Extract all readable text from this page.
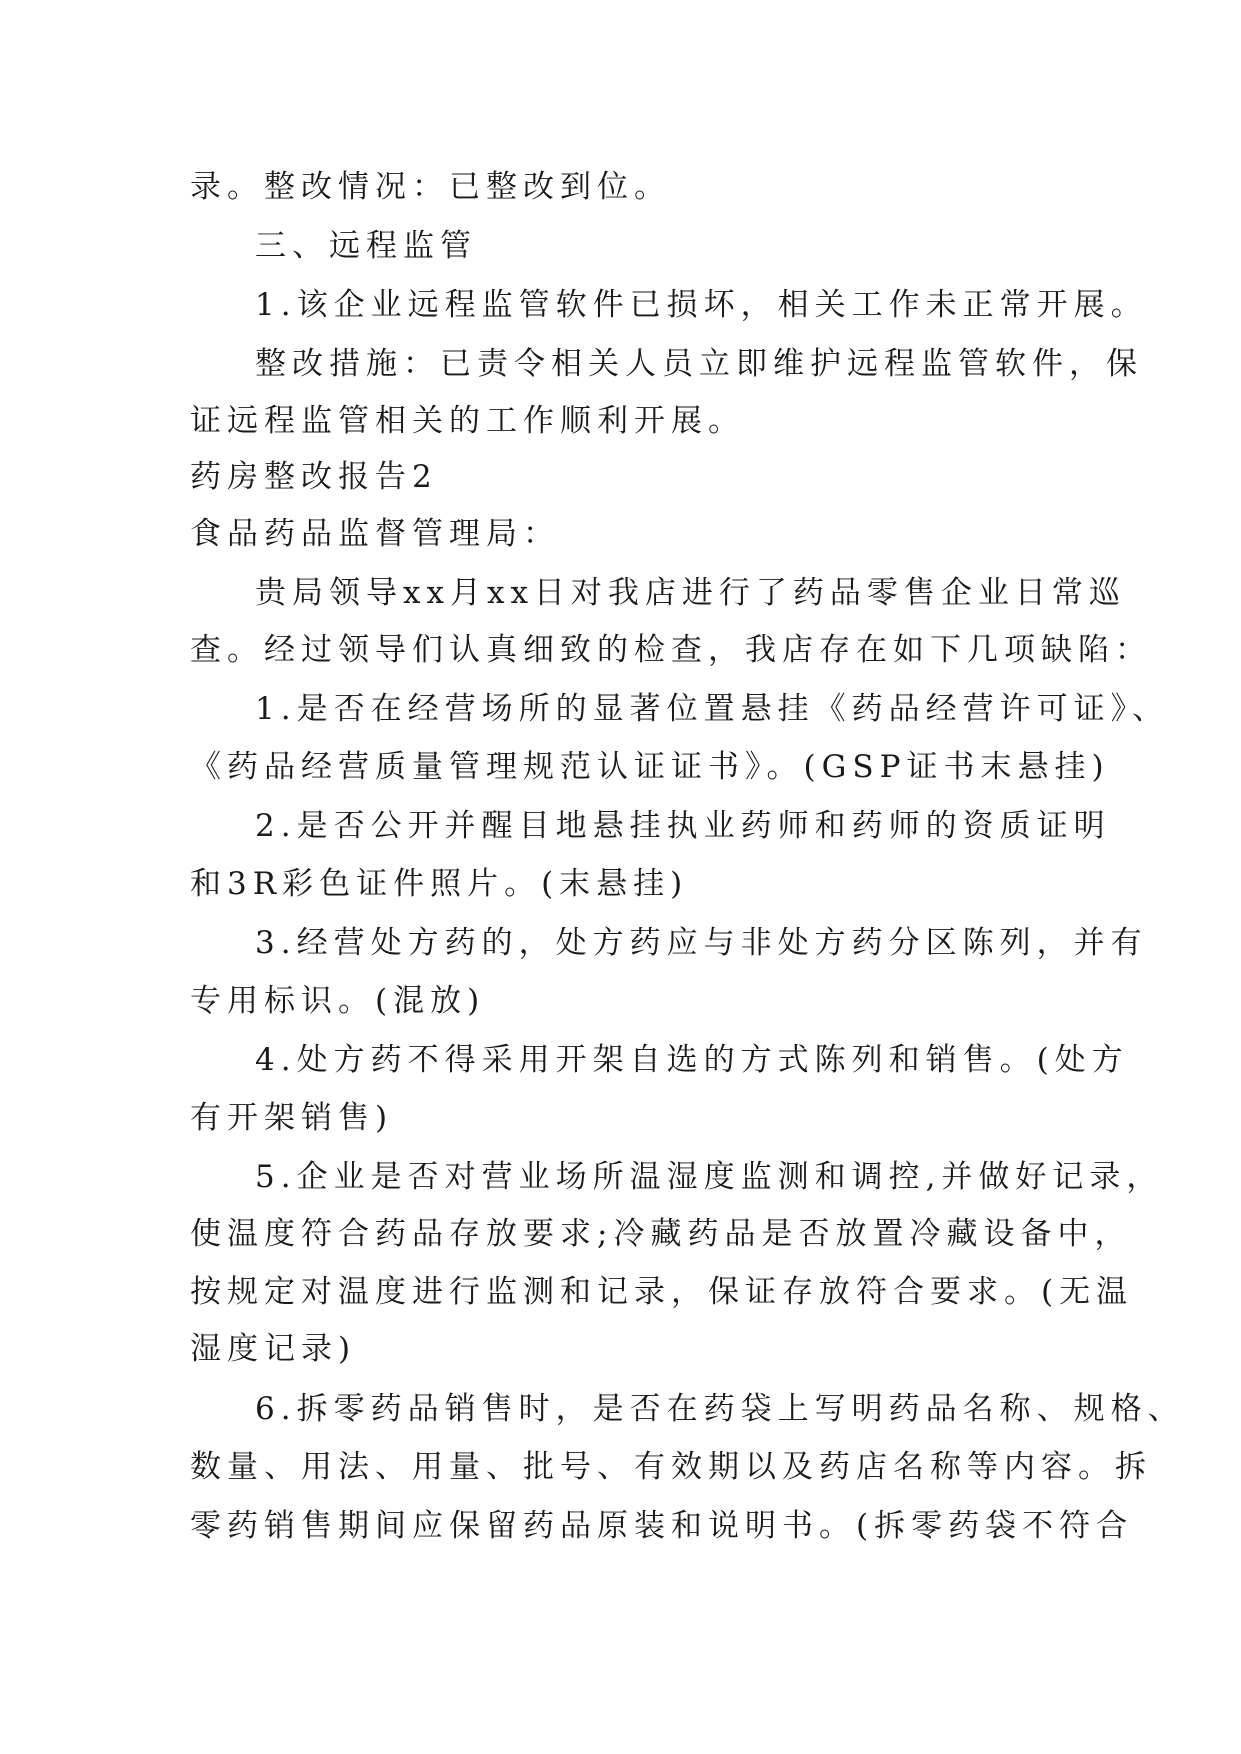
录。整改情况：已整改到位。
三、远程监管
1.该企业远程监管软件已损坏，相关工作未正常开展。
整改措施：已责令相关人员立即维护远程监管软件，保
证远程监管相关的工作顺利开展。
药房整改报告2
食品药品监督管理局：
贵局领导xx月xx日对我店进行了药品零售企业日常巡
查。经过领导们认真细致的检查，我店存在如下几项缺陷：
1.是否在经营场所的显著位置悬挂《药品经营许可证》、
《药品经营质量管理规范认证证书》。(GSP证书末悬挂)
2.是否公开并醒目地悬挂执业药师和药师的资质证明
和3R彩色证件照片。(末悬挂)
3.经营处方药的，处方药应与非处方药分区陈列，并有
专用标识。(混放)
4.处方药不得采用开架自选的方式陈列和销售。(处方
有开架销售)
5.企业是否对营业场所温湿度监测和调控,并做好记录，
使温度符合药品存放要求;冷藏药品是否放置冷藏设备中，
按规定对温度进行监测和记录，保证存放符合要求。(无温
湿度记录)
6.拆零药品销售时，是否在药袋上写明药品名称、规格、
数量、用法、用量、批号、有效期以及药店名称等内容。拆
零药销售期间应保留药品原装和说明书。(拆零药袋不符合
